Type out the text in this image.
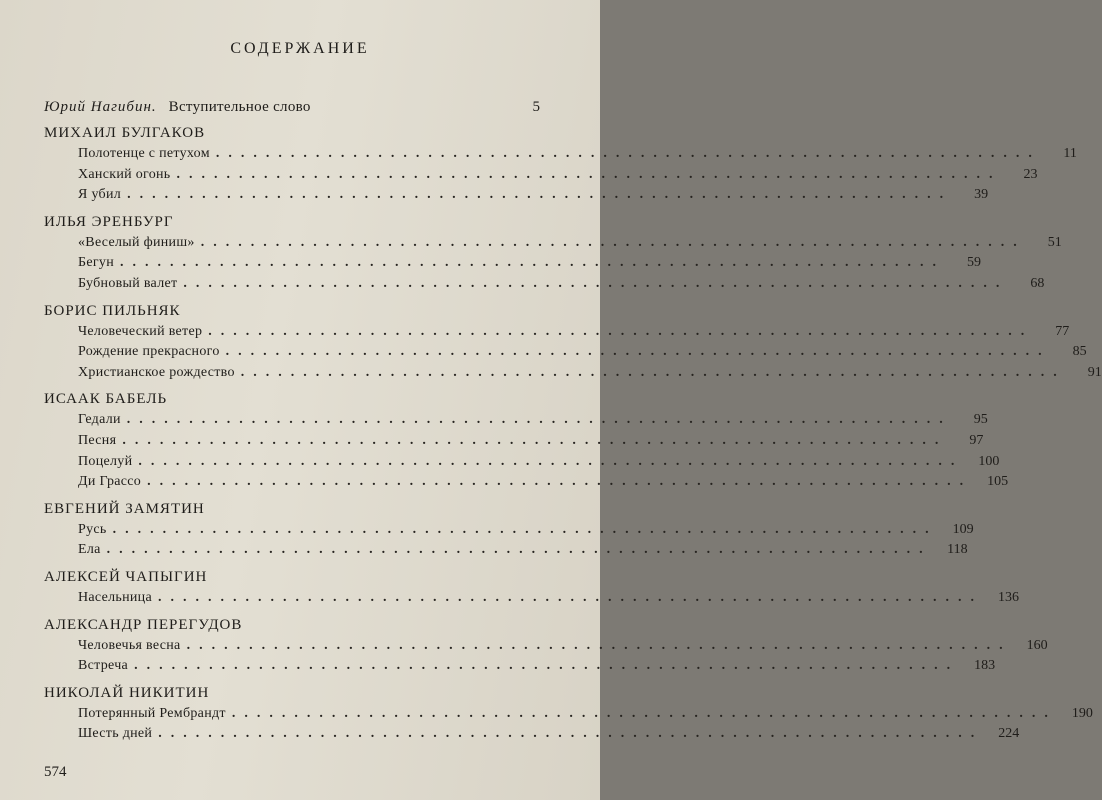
СОДЕРЖАНИЕ
Юрий Нагибин. Вступительное слово	5
МИХАИЛ БУЛГАКОВ
Полотенце с петухом ..................................................................	11
Ханский огонь ..................................................................	23
Я убил ..................................................................	39
ИЛЬЯ ЭРЕНБУРГ
«Веселый финиш» ..................................................................	51
Бегун ..................................................................	59
Бубновый валет ..................................................................	68
БОРИС ПИЛЬНЯК
Человеческий ветер ..................................................................	77
Рождение прекрасного ..................................................................	85
Христианское рождество ..................................................................	91
ИСААК БАБЕЛЬ
Гедали ..................................................................	95
Песня ..................................................................	97
Поцелуй ..................................................................	100
Ди Грассо ..................................................................	105
ЕВГЕНИЙ ЗАМЯТИН
Русь ..................................................................	109
Ела ..................................................................	118
АЛЕКСЕЙ ЧАПЫГИН
Насельница ..................................................................	136
АЛЕКСАНДР ПЕРЕГУДОВ
Человечья весна ..................................................................	160
Встреча ..................................................................	183
НИКОЛАЙ НИКИТИН
Потерянный Рембрандт ..................................................................	190
Шесть дней ..................................................................	224
574
